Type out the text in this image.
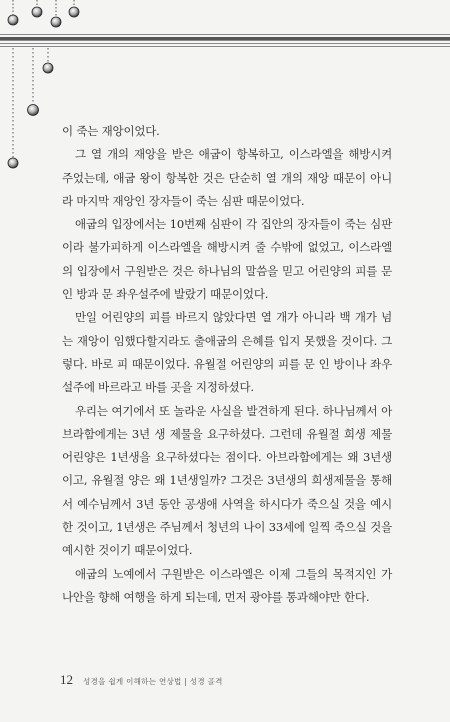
이 죽는 재앙이었다.

그 열 개의 재앙을 받은 애굽이 항복하고, 이스라엘을 해방시켜 주었는데, 애굽 왕이 항복한 것은 단순히 열 개의 재앙 때문이 아니라 마지막 재앙인 장자들이 죽는 심판 때문이었다.

애굽의 입장에서는 10번째 심판이 각 집안의 장자들이 죽는 심판이라 불가피하게 이스라엘을 해방시켜 줄 수밖에 없었고, 이스라엘의 입장에서 구원받은 것은 하나님의 말씀을 믿고 어린양의 피를 문인 방과 문 좌우설주에 발랐기 때문이었다.

만일 어린양의 피를 바르지 않았다면 열 개가 아니라 백 개가 넘는 재앙이 임했다할지라도 출애굽의 은혜를 입지 못했을 것이다. 그렇다. 바로 피 때문이었다. 유월절 어린양의 피를 문 인 방이나 좌우설주에 바르라고 바를 곳을 지정하셨다.

우리는 여기에서 또 놀라운 사실을 발견하게 된다. 하나님께서 아브라함에게는 3년 생 제물을 요구하셨다. 그런데 유월절 희생 제물 어린양은 1년생을 요구하셨다는 점이다. 아브라함에게는 왜 3년생이고, 유월절 양은 왜 1년생일까? 그것은 3년생의 희생제물을 통해서 예수님께서 3년 동안 공생애 사역을 하시다가 죽으실 것을 예시한 것이고, 1년생은 주님께서 청년의 나이 33세에 일찍 죽으실 것을 예시한 것이기 때문이었다.

애굽의 노예에서 구원받은 이스라엘은 이제 그들의 목적지인 가나안을 향해 여행을 하게 되는데, 먼저 광야를 통과해야만 한다.

12 성경을 쉽게 이해하는 연상법 | 성경 골격
